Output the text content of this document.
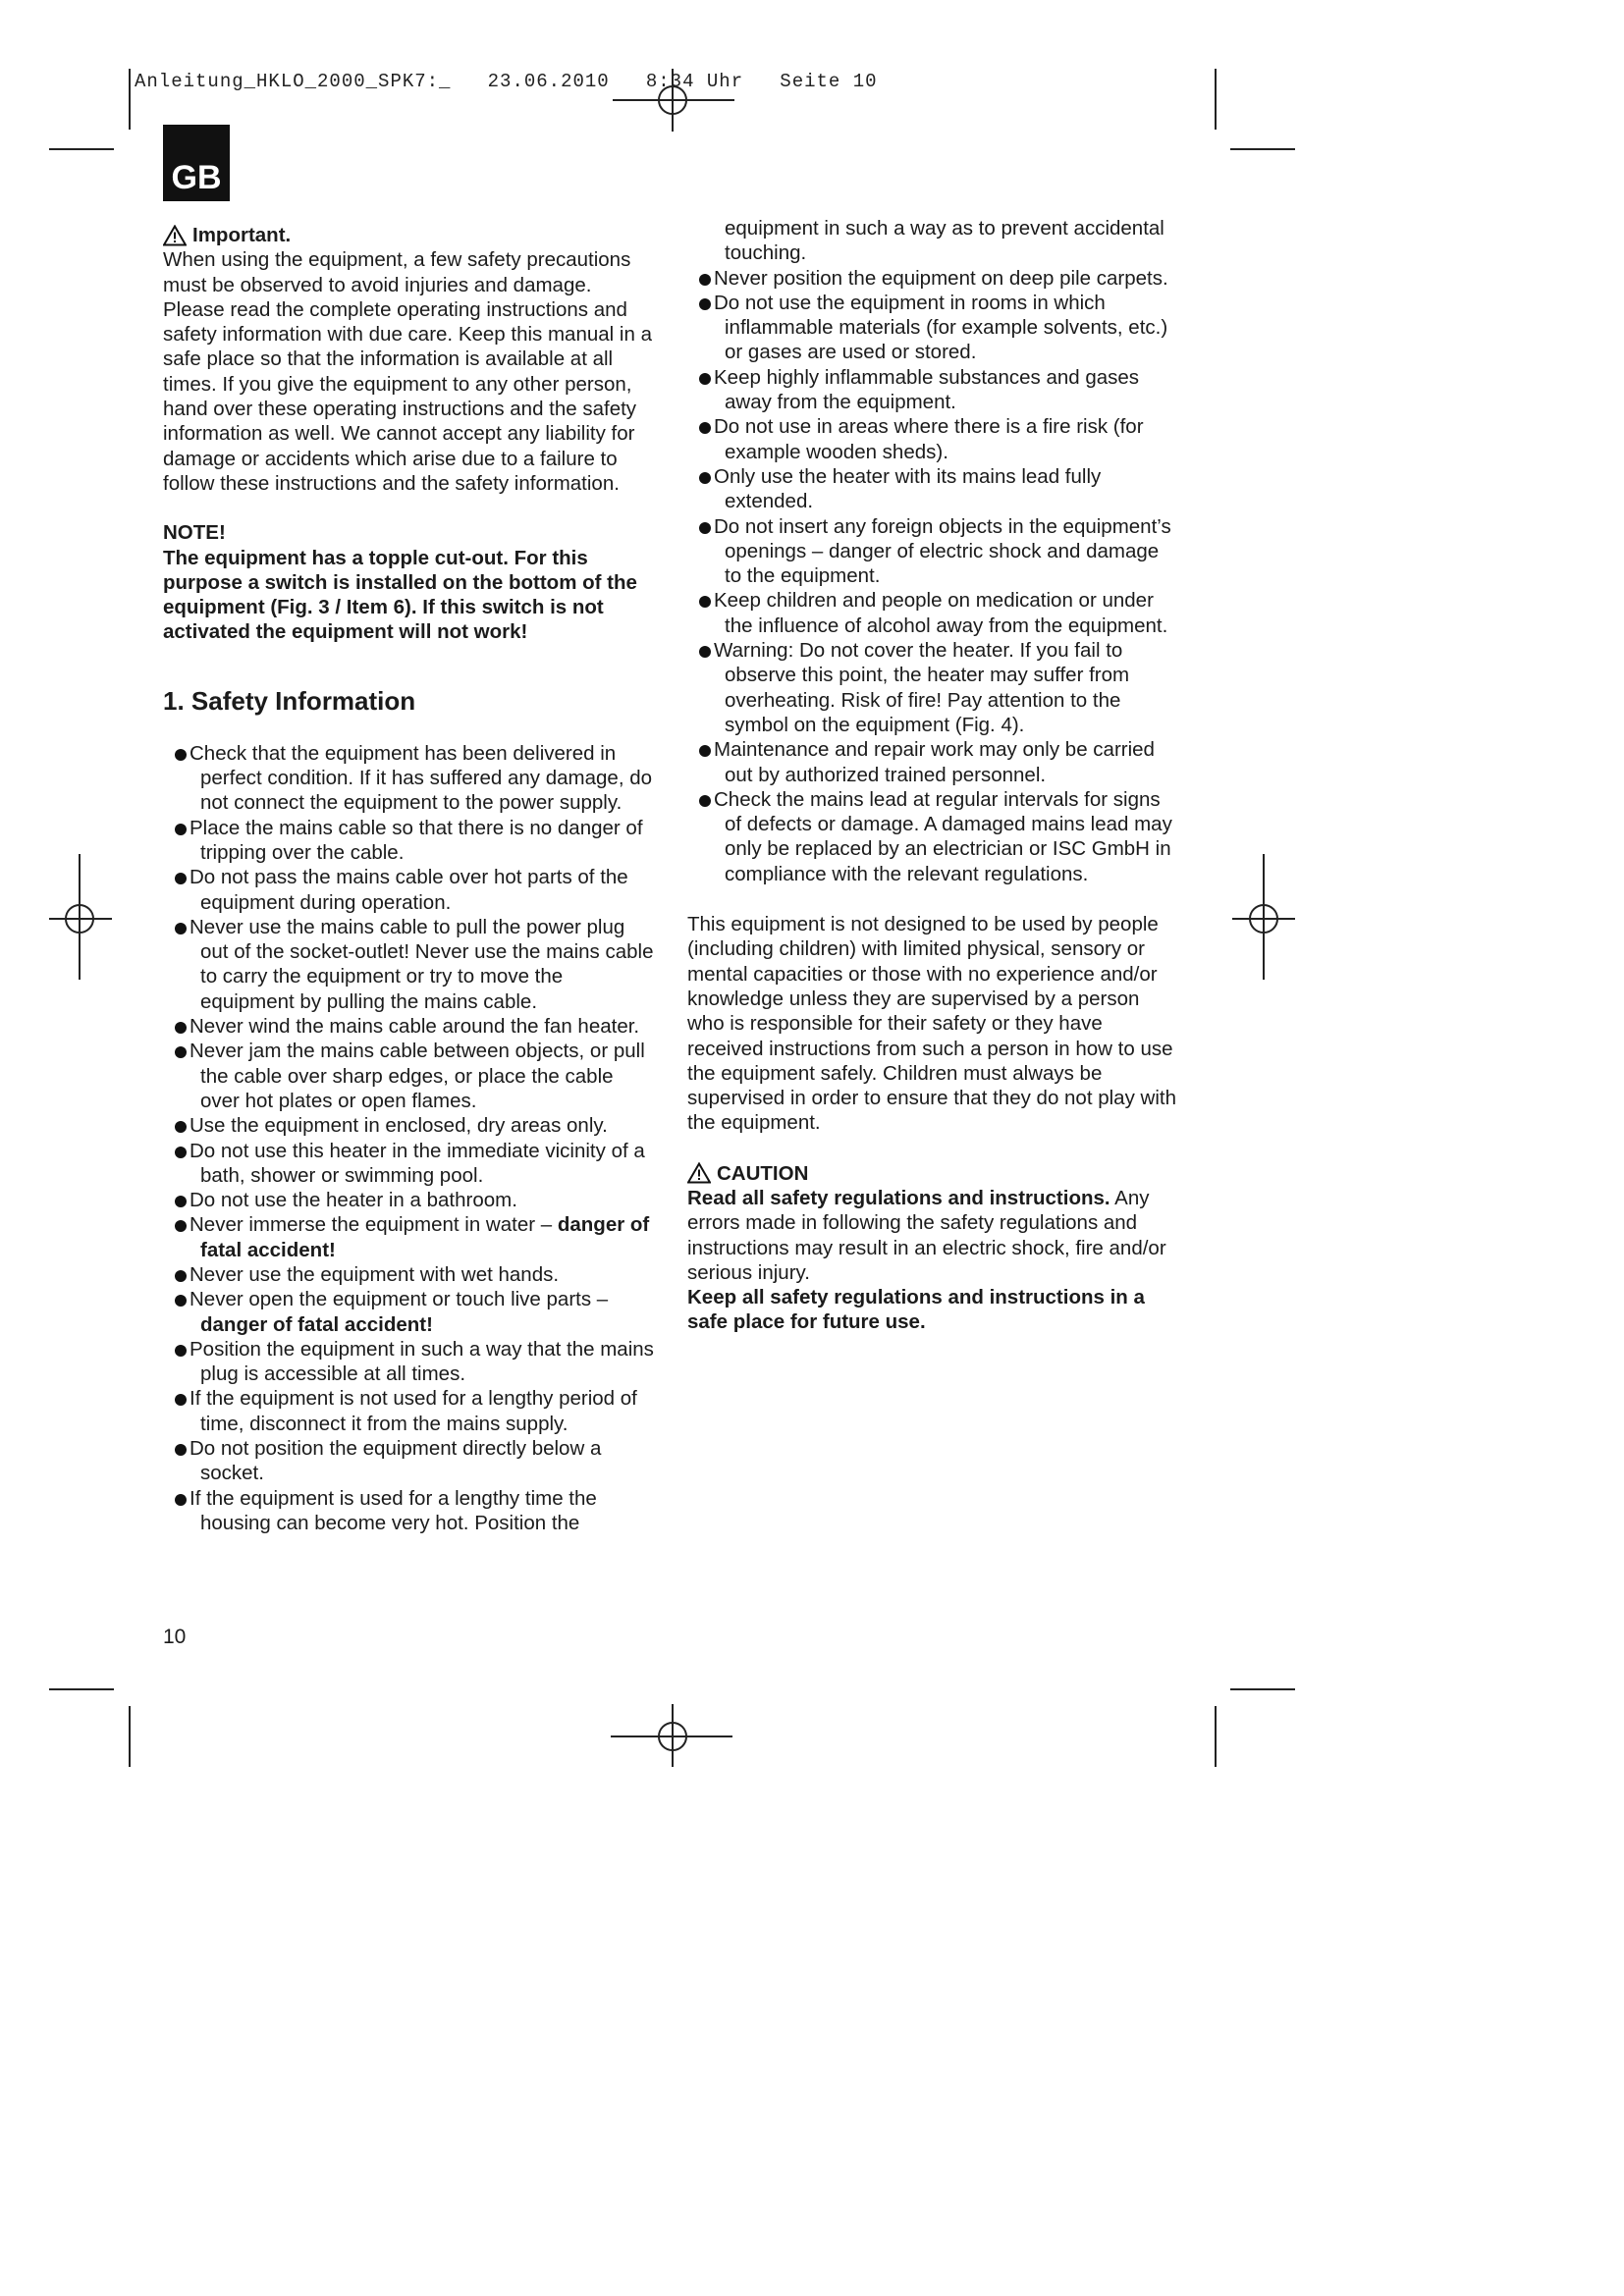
Anleitung_HKLO_2000_SPK7:_   23.06.2010   8:34 Uhr   Seite 10
GB

Important.

When using the equipment, a few safety precautions must be observed to avoid injuries and damage. Please read the complete operating instructions and safety information with due care. Keep this manual in a safe place so that the information is available at all times. If you give the equipment to any other person, hand over these operating instructions and the safety information as well. We cannot accept any liability for damage or accidents which arise due to a failure to follow these instructions and the safety information.

NOTE!

The equipment has a topple cut-out. For this purpose a switch is installed on the bottom of the equipment (Fig. 3 / Item 6). If this switch is not activated the equipment will not work!

1. Safety Information

Check that the equipment has been delivered in perfect condition. If it has suffered any damage, do not connect the equipment to the power supply.
Place the mains cable so that there is no danger of tripping over the cable.
Do not pass the mains cable over hot parts of the equipment during operation.
Never use the mains cable to pull the power plug out of the socket-outlet! Never use the mains cable to carry the equipment or try to move the equipment by pulling the mains cable.
Never wind the mains cable around the fan heater.
Never jam the mains cable between objects, or pull the cable over sharp edges, or place the cable over hot plates or open flames.
Use the equipment in enclosed, dry areas only.
Do not use this heater in the immediate vicinity of a bath, shower or swimming pool.
Do not use the heater in a bathroom.
Never immerse the equipment in water – danger of fatal accident!
Never use the equipment with wet hands.
Never open the equipment or touch live parts – danger of fatal accident!
Position the equipment in such a way that the mains plug is accessible at all times.
If the equipment is not used for a lengthy period of time, disconnect it from the mains supply.
Do not position the equipment directly below a socket.
If the equipment is used for a lengthy time the housing can become very hot. Position the

equipment in such a way as to prevent accidental touching.

Never position the equipment on deep pile carpets.
Do not use the equipment in rooms in which inflammable materials (for example solvents, etc.) or gases are used or stored.
Keep highly inflammable substances and gases away from the equipment.
Do not use in areas where there is a fire risk (for example wooden sheds).
Only use the heater with its mains lead fully extended.
Do not insert any foreign objects in the equipment’s openings – danger of electric shock and damage to the equipment.
Keep children and people on medication or under the influence of alcohol away from the equipment.
Warning: Do not cover the heater. If you fail to observe this point, the heater may suffer from overheating. Risk of fire! Pay attention to the symbol on the equipment (Fig. 4).
Maintenance and repair work may only be carried out by authorized trained personnel.
Check the mains lead at regular intervals for signs of defects or damage. A damaged mains lead may only be replaced by an electrician or ISC GmbH in compliance with the relevant regulations.

This equipment is not designed to be used by people (including children) with limited physical, sensory or mental capacities or those with no experience and/or knowledge unless they are supervised by a person who is responsible for their safety or they have received instructions from such a person in how to use the equipment safely. Children must always be supervised in order to ensure that they do not play with the equipment.

CAUTION

Read all safety regulations and instructions. Any errors made in following the safety regulations and instructions may result in an electric shock, fire and/or serious injury.

Keep all safety regulations and instructions in a safe place for future use.

10
